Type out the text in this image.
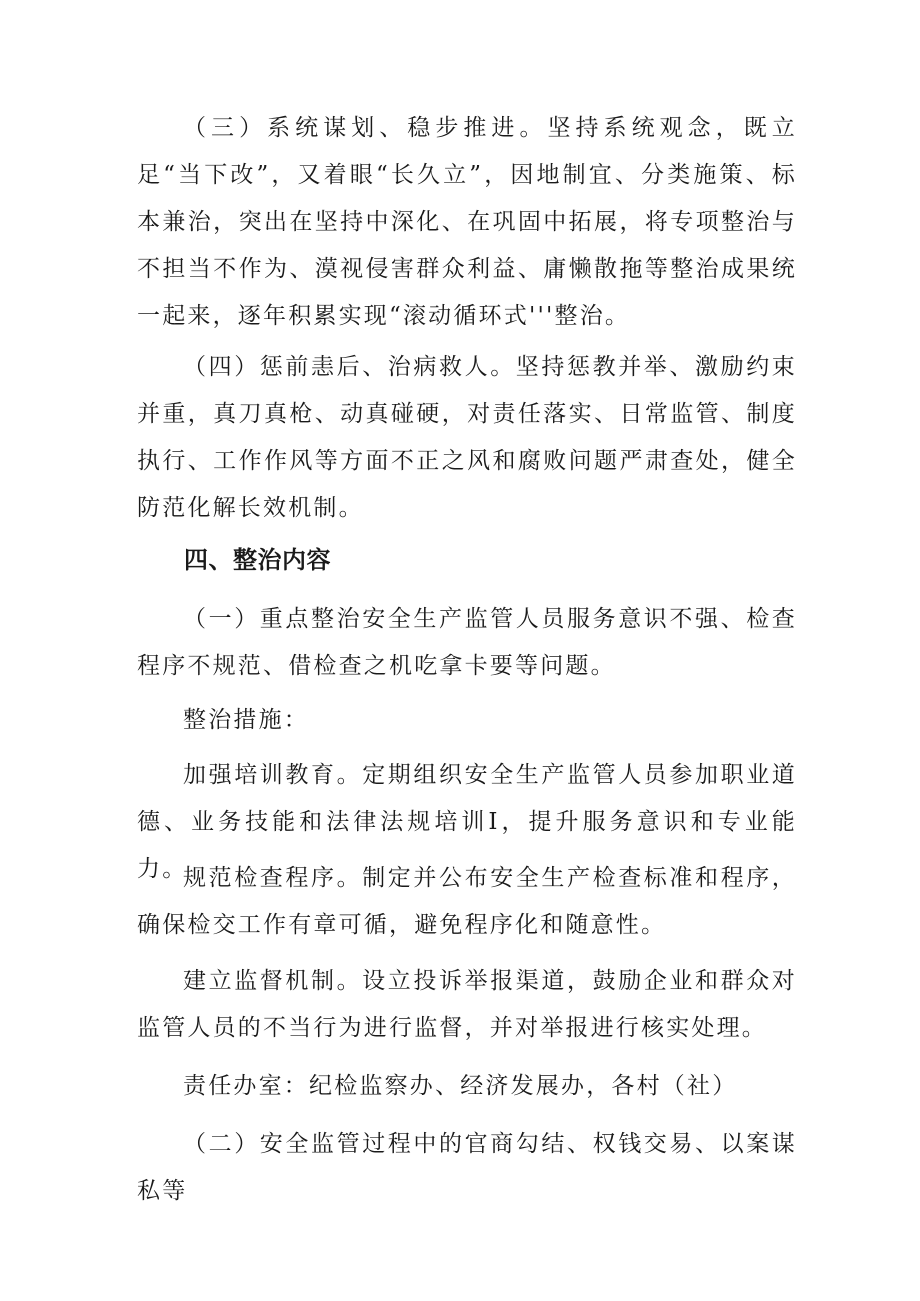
（三）系统谋划、稳步推进。坚持系统观念，既立足“当下改”，又着眼“长久立”，因地制宜、分类施策、标本兼治，突出在坚持中深化、在巩固中拓展，将专项整治与不担当不作为、漠视侵害群众利益、庸懒散拖等整治成果统一起来，逐年积累实现“滚动循环式'''整治。

（四）惩前恚后、治病救人。坚持惩教并举、激励约束并重，真刀真枪、动真碰硬，对责任落实、日常监管、制度执行、工作作风等方面不正之风和腐败问题严肃查处，健全防范化解长效机制。

四、整治内容

（一）重点整治安全生产监管人员服务意识不强、检查程序不规范、借检查之机吃拿卡要等问题。

整治措施：

加强培训教育。定期组织安全生产监管人员参加职业道德、业务技能和法律法规培训I，提升服务意识和专业能力。

规范检查程序。制定并公布安全生产检查标准和程序，确保检交工作有章可循，避免程序化和随意性。

建立监督机制。设立投诉举报渠道，鼓励企业和群众对监管人员的不当行为进行监督，并对举报进行核实处理。

责任办室：纪检监察办、经济发展办，各村（社）

（二）安全监管过程中的官商勾结、权钱交易、以案谋私等
